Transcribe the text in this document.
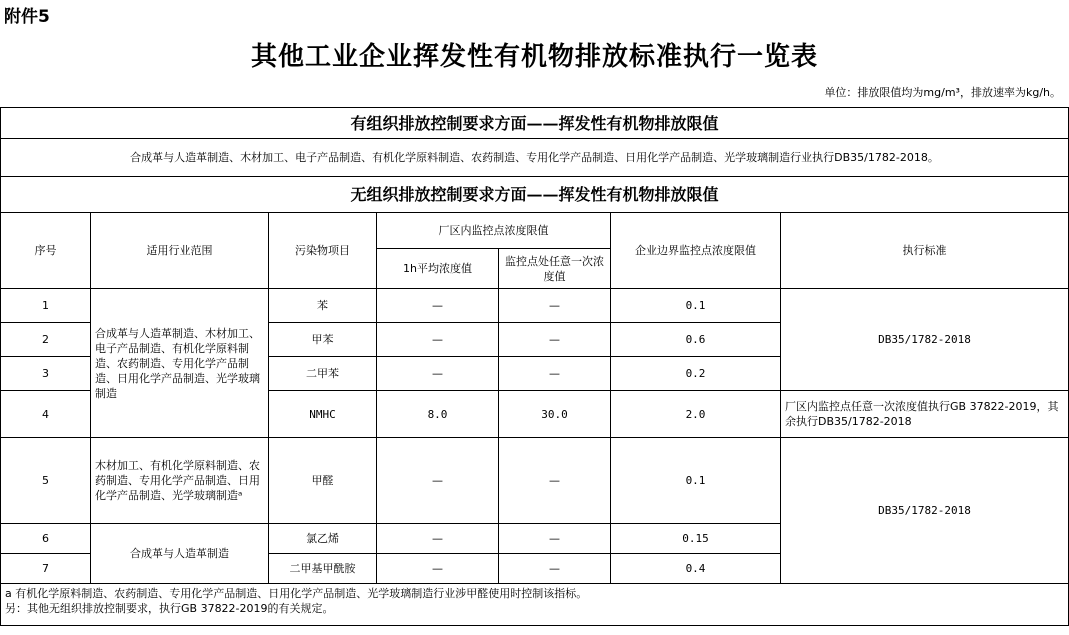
附件5
其他工业企业挥发性有机物排放标准执行一览表
单位：排放限值均为mg/m³，排放速率为kg/h。
有组织排放控制要求方面——挥发性有机物排放限值						
合成革与人造革制造、木材加工、电子产品制造、有机化学原料制造、农药制造、专用化学产品制造、日用化学产品制造、光学玻璃制造行业执行DB35/1782-2018。						
无组织排放控制要求方面——挥发性有机物排放限值						
序号	适用行业范围	污染物项目	厂区内监控点浓度限值		企业边界监控点浓度限值	执行标准
			1h平均浓度值	监控点处任意一次浓度值		
1	合成革与人造革制造、木材加工、电子产品制造、有机化学原料制造、农药制造、专用化学产品制造、日用化学产品制造、光学玻璃制造	苯	—	—	0.1	DB35/1782-2018
2		甲苯	—	—	0.6	
3		二甲苯	—	—	0.2	
4		NMHC	8.0	30.0	2.0	厂区内监控点任意一次浓度值执行GB 37822-2019，其余执行DB35/1782-2018
5	木材加工、有机化学原料制造、农药制造、专用化学产品制造、日用化学产品制造、光学玻璃制造ᵃ	甲醛	—	—	0.1	DB35/1782-2018
6	合成革与人造革制造	氯乙烯	—	—	0.15	
7		二甲基甲酰胺	—	—	0.4	

a 有机化学原料制造、农药制造、专用化学产品制造、日用化学产品制造、光学玻璃制造行业涉甲醛使用时控制该指标。
另：其他无组织排放控制要求，执行GB 37822-2019的有关规定。						
